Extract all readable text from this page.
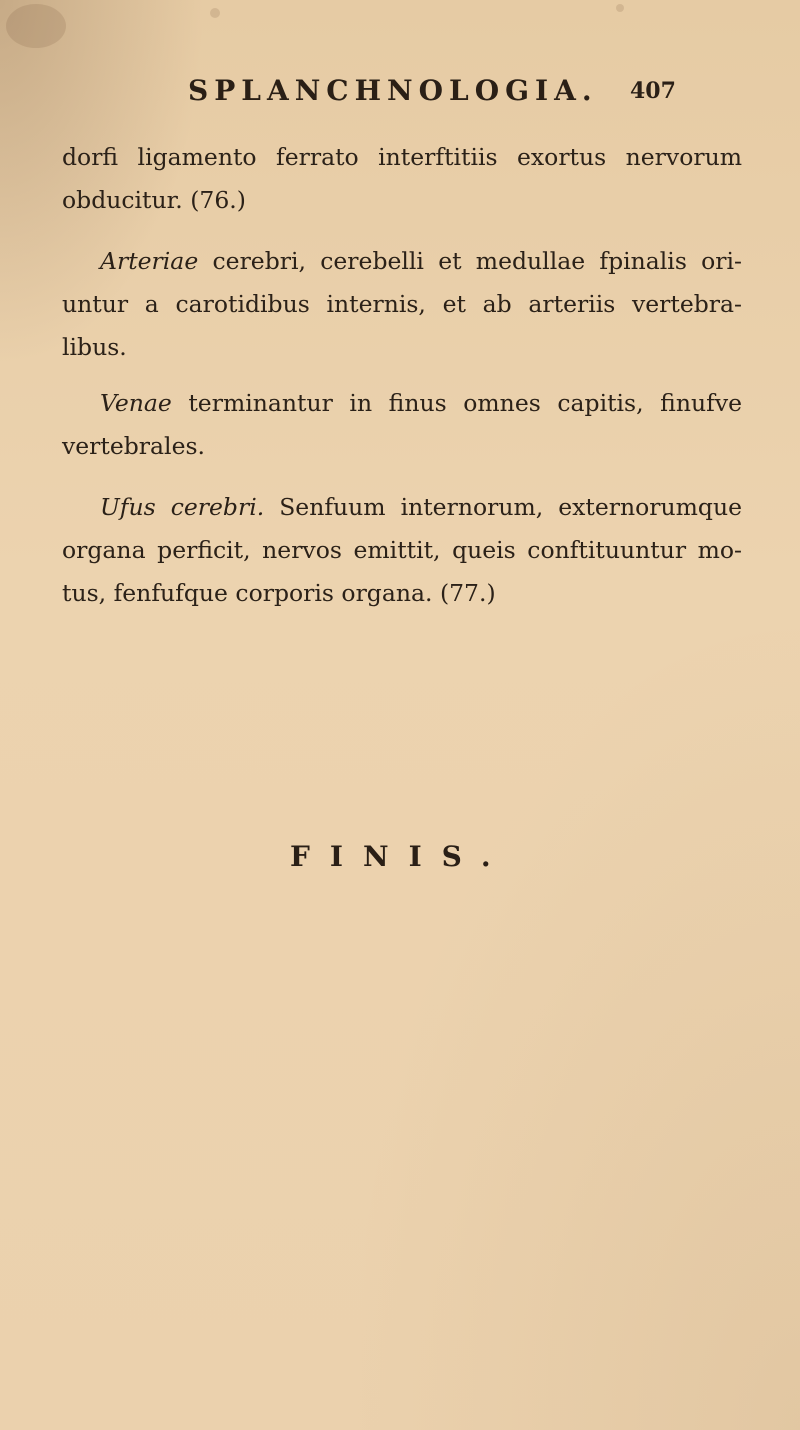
SPLANCHNOLOGIA. 407

dorfi ligamento ferrato interftitiis exortus nervorum
obducitur. (76.)

Arteriae cerebri, cerebelli et medullae fpinalis ori-
untur a carotidibus internis, et ab arteriis vertebra-
libus.

Venae terminantur in finus omnes capitis, finufve
vertebrales.

Ufus cerebri. Senfuum internorum, externorumque
organa perficit, nervos emittit, queis conftituuntur mo-
tus, fenfufque corporis organa. (77.)

FINIS.
